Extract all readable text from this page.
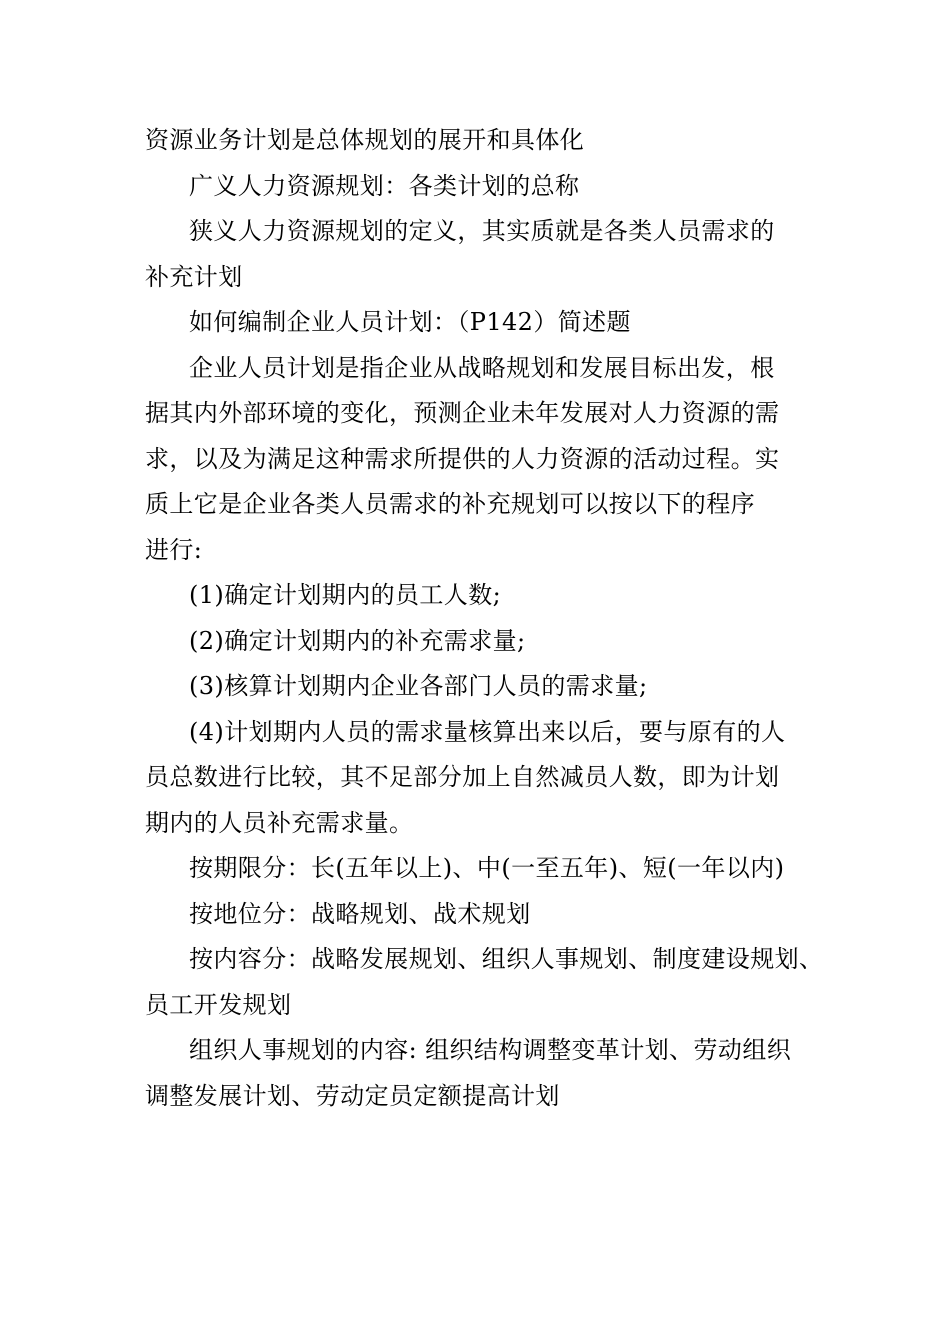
资源业务计划是总体规划的展开和具体化
广义人力资源规划：各类计划的总称
狭义人力资源规划的定义，其实质就是各类人员需求的
补充计划
如何编制企业人员计划：（P142）简述题
企业人员计划是指企业从战略规划和发展目标出发，根
据其内外部环境的变化，预测企业未年发展对人力资源的需
求，以及为满足这种需求所提供的人力资源的活动过程。实
质上它是企业各类人员需求的补充规划可以按以下的程序
进行:
(1)确定计划期内的员工人数;
(2)确定计划期内的补充需求量;
(3)核算计划期内企业各部门人员的需求量;
(4)计划期内人员的需求量核算出来以后，要与原有的人
员总数进行比较，其不足部分加上自然减员人数，即为计划
期内的人员补充需求量。
按期限分：长(五年以上)、中(一至五年)、短(一年以内)
按地位分：战略规划、战术规划
按内容分：战略发展规划、组织人事规划、制度建设规划、
员工开发规划
组织人事规划的内容: 组织结构调整变革计划、劳动组织
调整发展计划、劳动定员定额提高计划
